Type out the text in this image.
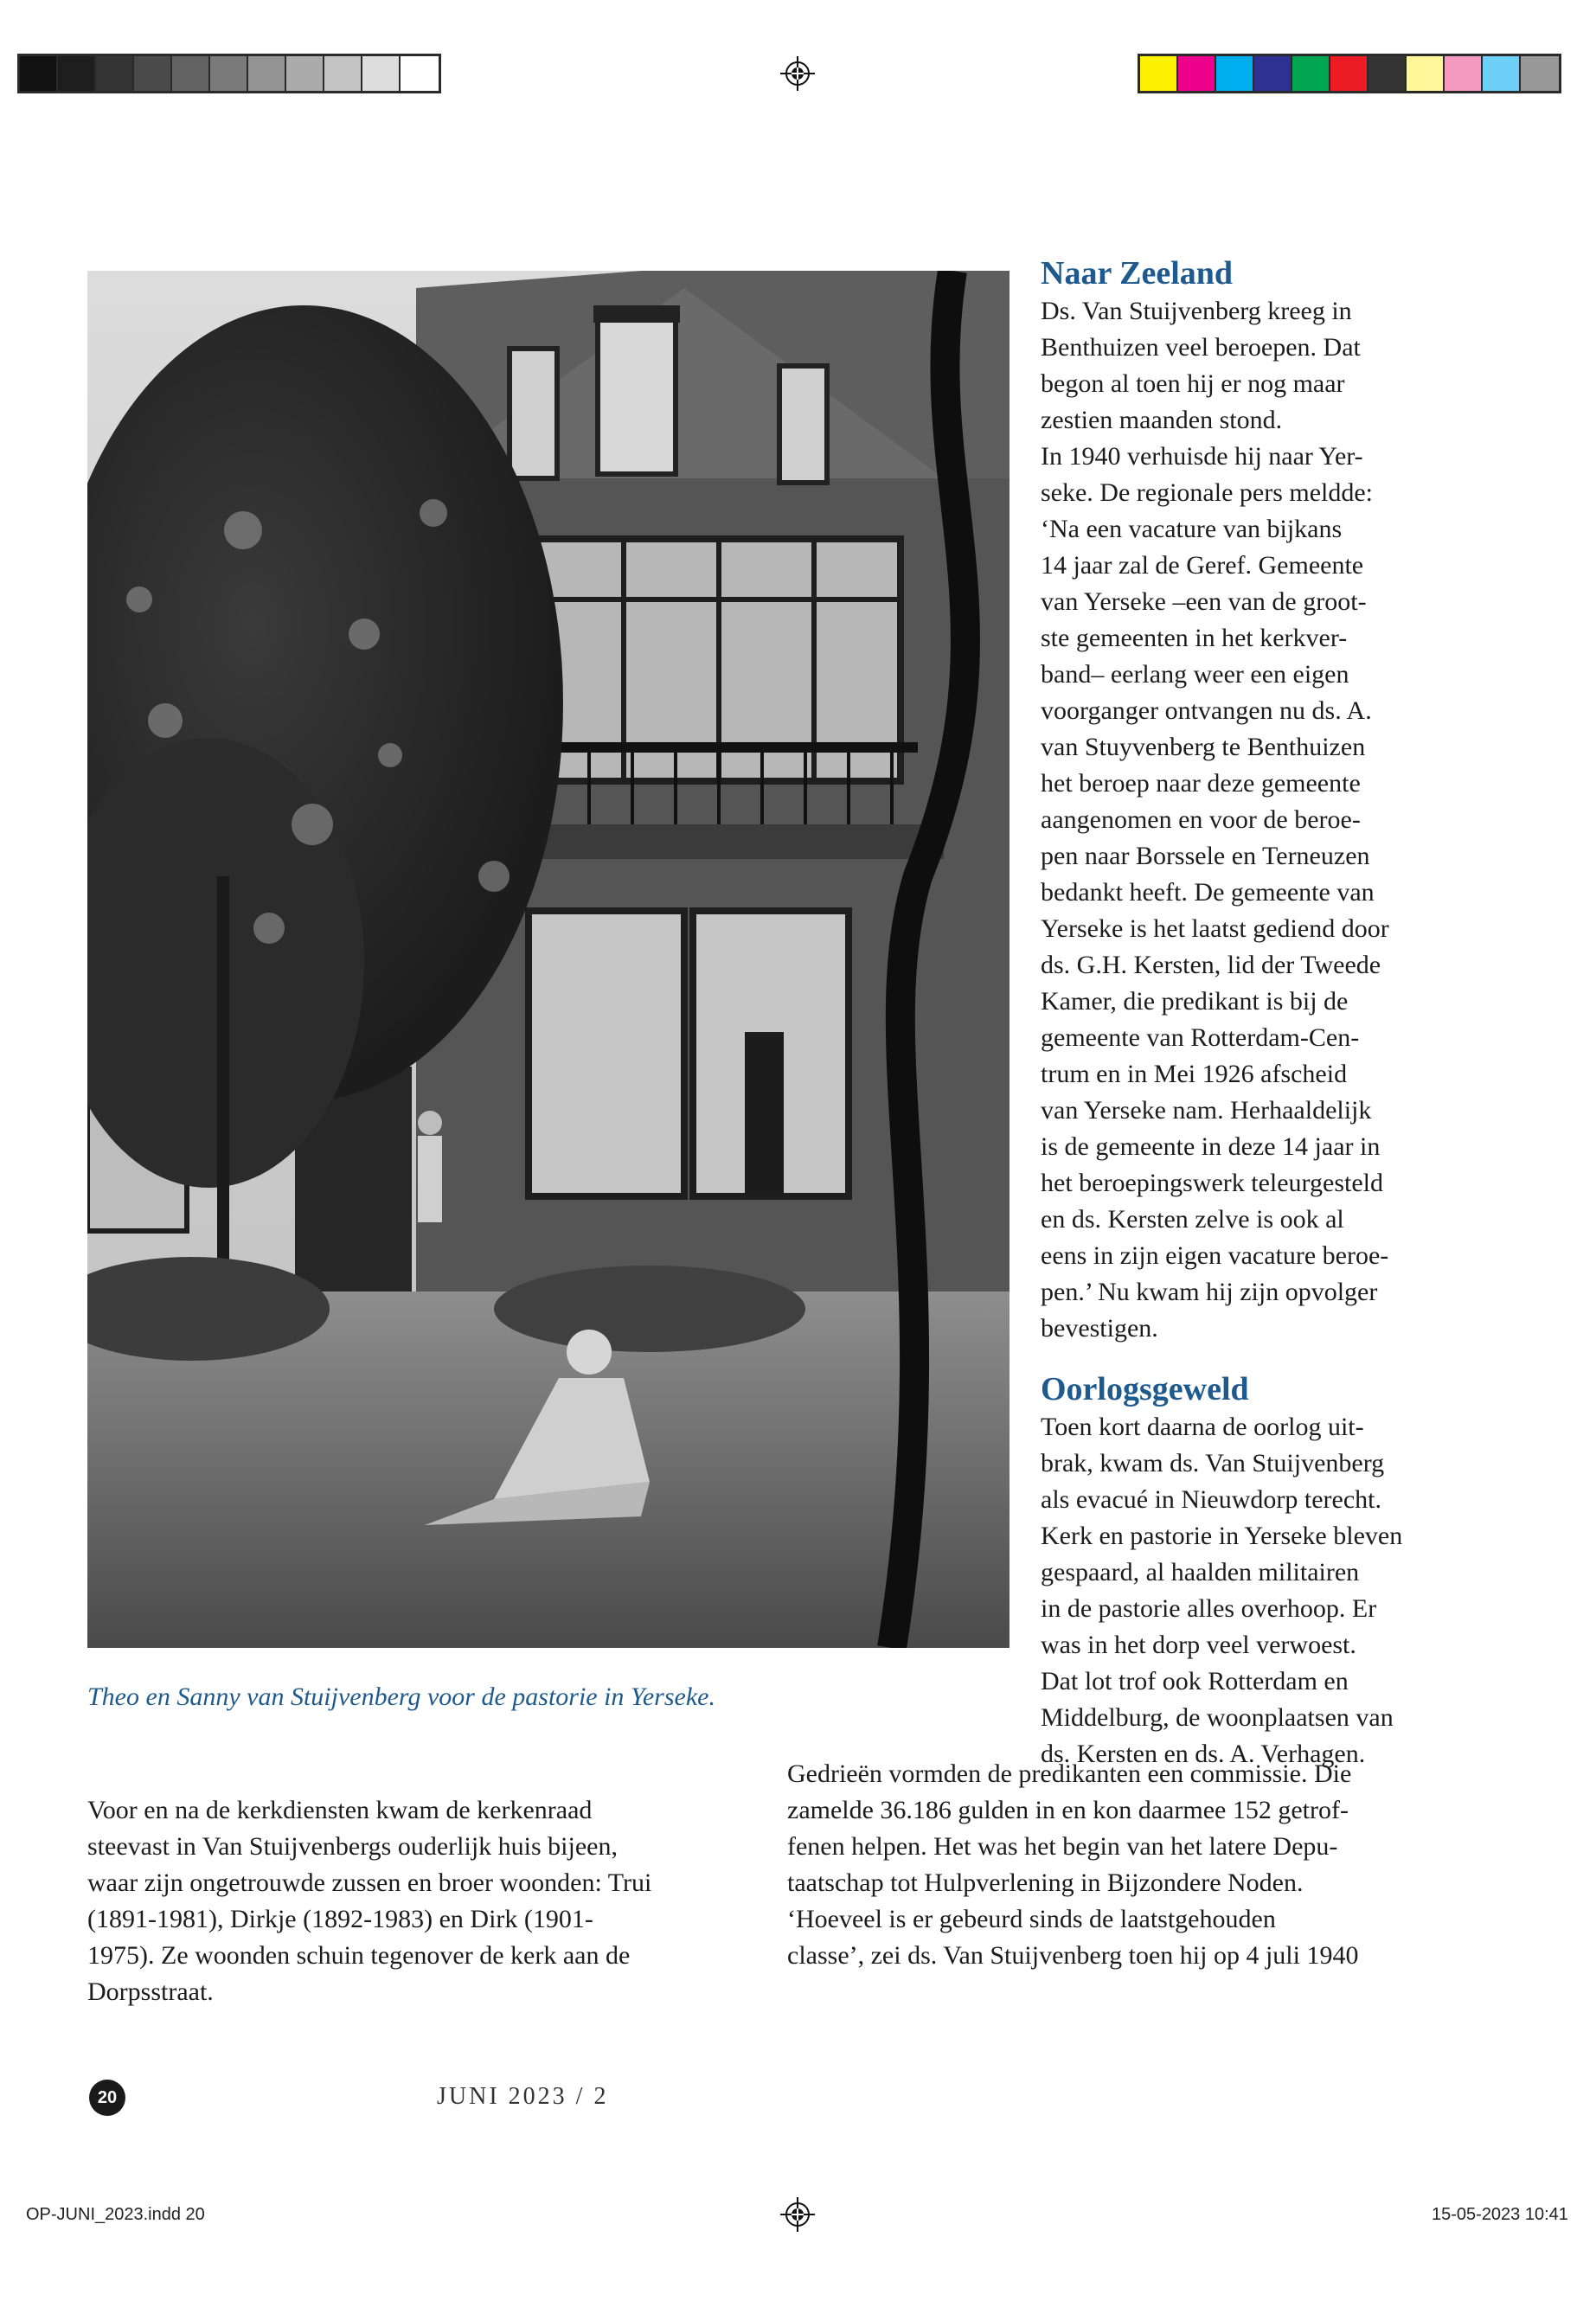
Theo en Sanny van Stuijvenberg voor de pastorie in Yerseke.
Naar Zeeland
Ds. Van Stuijvenberg kreeg in
Benthuizen veel beroepen. Dat
begon al toen hij er nog maar
zestien maanden stond.
In 1940 verhuisde hij naar Yer-
seke. De regionale pers meldde:
‘Na een vacature van bijkans
14 jaar zal de Geref. Gemeente
van Yerseke –een van de groot-
ste gemeenten in het kerkver-
band– eerlang weer een eigen
voorganger ontvangen nu ds. A.
van Stuyvenberg te Benthuizen
het beroep naar deze gemeente
aangenomen en voor de beroe-
pen naar Borssele en Terneuzen
bedankt heeft. De gemeente van
Yerseke is het laatst gediend door
ds. G.H. Kersten, lid der Tweede
Kamer, die predikant is bij de
gemeente van Rotterdam-Cen-
trum en in Mei 1926 afscheid
van Yerseke nam. Herhaaldelijk
is de gemeente in deze 14 jaar in
het beroepingswerk teleurgesteld
en ds. Kersten zelve is ook al
eens in zijn eigen vacature beroe-
pen.’ Nu kwam hij zijn opvolger
bevestigen.
Oorlogsgeweld
Toen kort daarna de oorlog uit-
brak, kwam ds. Van Stuijvenberg
als evacué in Nieuwdorp terecht.
Kerk en pastorie in Yerseke bleven
gespaard, al haalden militairen
in de pastorie alles overhoop. Er
was in het dorp veel verwoest.
Dat lot trof ook Rotterdam en
Middelburg, de woonplaatsen van
ds. Kersten en ds. A. Verhagen.
Voor en na de kerkdiensten kwam de kerkenraad
steevast in Van Stuijvenbergs ouderlijk huis bijeen,
waar zijn ongetrouwde zussen en broer woonden: Trui
(1891-1981), Dirkje (1892-1983) en Dirk (1901-
1975). Ze woonden schuin tegenover de kerk aan de
Dorpsstraat.
Gedrieën vormden de predikanten een commissie. Die
zamelde 36.186 gulden in en kon daarmee 152 getrof-
fenen helpen. Het was het begin van het latere Depu-
taatschap tot Hulpverlening in Bijzondere Noden.
‘Hoeveel is er gebeurd sinds de laatstgehouden
classe’, zei ds. Van Stuijvenberg toen hij op 4 juli 1940
20	JUNI 2023 / 2
OP-JUNI_2023.indd 20	15-05-2023 10:41
